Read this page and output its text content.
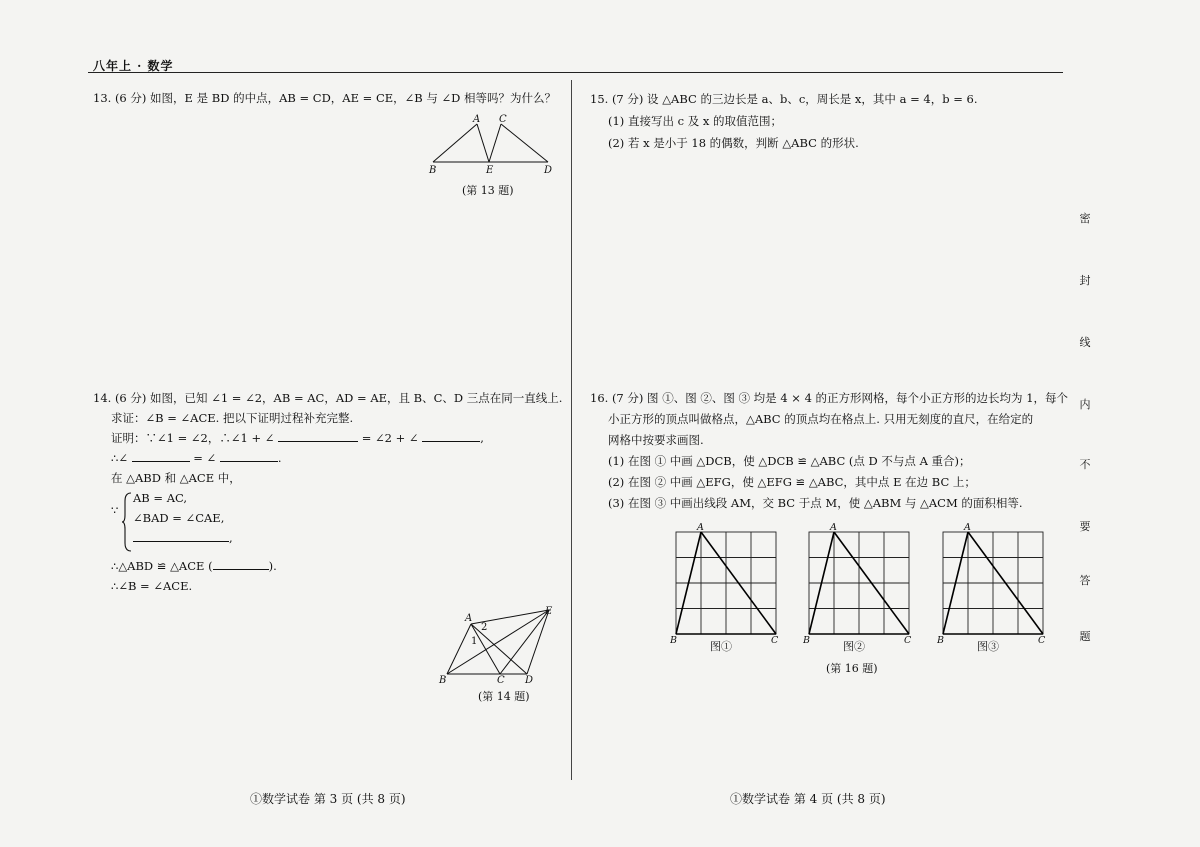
八年上 · 数学
13. (6 分) 如图，E 是 BD 的中点，AB = CD，AE = CE，∠B 与 ∠D 相等吗？为什么？
A C
B	E	D
(第 13 题)
14. (6 分) 如图，已知 ∠1 = ∠2，AB = AC，AD = AE，且 B、C、D 三点在同一直线上.
求证：∠B = ∠ACE. 把以下证明过程补充完整.
证明：∵∠1 = ∠2，∴∠1 + ∠	= ∠2 + ∠	,
∴∠	= ∠	.
在 △ABD 和 △ACE 中，
∵
AB = AC,
∠BAD = ∠CAE,
,
∴△ABD ≌ △ACE (	).
∴∠B = ∠ACE.
A
E
B	C D
1
2
(第 14 题)
15. (7 分) 设 △ABC 的三边长是 a、b、c，周长是 x，其中 a = 4，b = 6.
(1) 直接写出 c 及 x 的取值范围；
(2) 若 x 是小于 18 的偶数，判断 △ABC 的形状.
16. (7 分) 图 ①、图 ②、图 ③ 均是 4 × 4 的正方形网格，每个小正方形的边长均为 1，每个
小正方形的顶点叫做格点，△ABC 的顶点均在格点上. 只用无刻度的直尺，在给定的
网格中按要求画图.
(1) 在图 ① 中画 △DCB，使 △DCB ≌ △ABC (点 D 不与点 A 重合)；
(2) 在图 ② 中画 △EFG，使 △EFG ≌ △ABC，其中点 E 在边 BC 上；
(3) 在图 ③ 中画出线段 AM，交 BC 于点 M，使 △ABM 与 △ACM 的面积相等.
A
B	C
图①
A
B	C
图②
A
B	C
图③
(第 16 题)
①数学试卷 第 3 页 (共 8 页)	①数学试卷 第 4 页 (共 8 页)
密
封
线
内
不
要
答
题
